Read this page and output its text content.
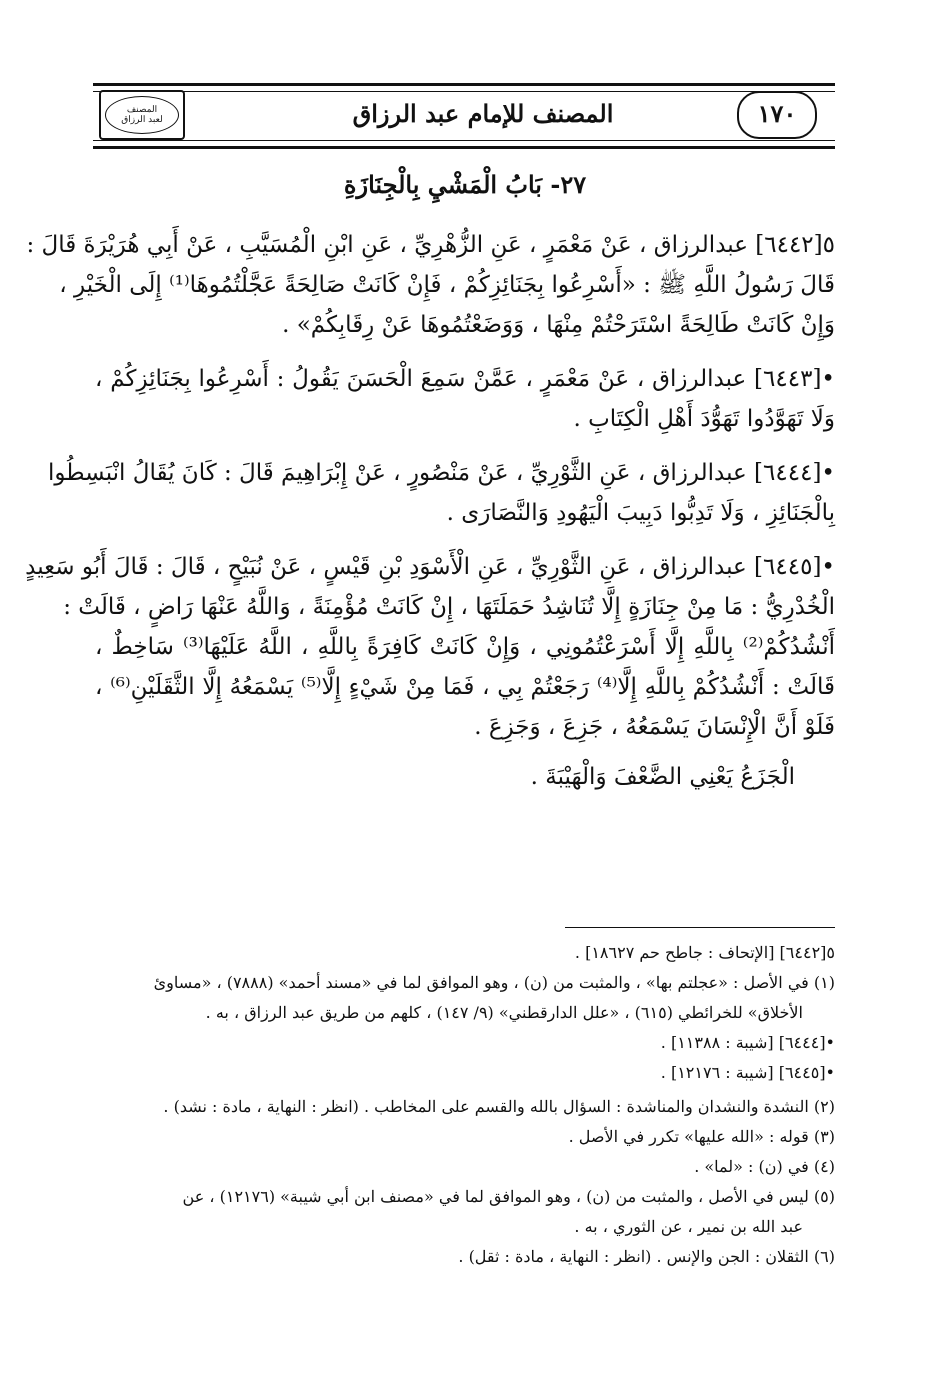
المصنف
لعبد الرزاق	المصنف للإمام عبد الرزاق	١٧٠
٢٧- بَابُ الْمَشْيِ بِالْجِنَازَةِ
٥[٦٤٤٢] عبدالرزاق ، عَنْ مَعْمَرٍ ، عَنِ الزُّهْرِيِّ ، عَنِ ابْنِ الْمُسَيَّبِ ، عَنْ أَبِي هُرَيْرَةَ قَالَ :
قَالَ رَسُولُ اللَّهِ ﷺ : «أَسْرِعُوا بِجَنَائِزِكُمْ ، فَإِنْ كَانَتْ صَالِحَةً عَجَّلْتُمُوهَا⁽¹⁾ إِلَى الْخَيْرِ ،
وَإِنْ كَانَتْ طَالِحَةً اسْتَرَحْتُمْ مِنْهَا ، وَوَضَعْتُمُوهَا عَنْ رِقَابِكُمْ» .
•[٦٤٤٣] عبدالرزاق ، عَنْ مَعْمَرٍ ، عَمَّنْ سَمِعَ الْحَسَنَ يَقُولُ : أَسْرِعُوا بِجَنَائِزِكُمْ ،
وَلَا تَهَوَّدُوا تَهَوُّدَ أَهْلِ الْكِتَابِ .
•[٦٤٤٤] عبدالرزاق ، عَنِ الثَّوْرِيِّ ، عَنْ مَنْصُورٍ ، عَنْ إِبْرَاهِيمَ قَالَ : كَانَ يُقَالُ انْبَسِطُوا
بِالْجَنَائِزِ ، وَلَا تَدِبُّوا دَبِيبَ الْيَهُودِ وَالنَّصَارَى .
•[٦٤٤٥] عبدالرزاق ، عَنِ الثَّوْرِيِّ ، عَنِ الْأَسْوَدِ بْنِ قَيْسٍ ، عَنْ نُبَيْحٍ ، قَالَ : قَالَ أَبُو سَعِيدٍ
الْخُدْرِيُّ : مَا مِنْ جِنَازَةٍ إِلَّا تُنَاشِدُ حَمَلَتَهَا ، إِنْ كَانَتْ مُؤْمِنَةً ، وَاللَّهُ عَنْهَا رَاضٍ ، قَالَتْ :
أَنْشُدُكُمْ⁽²⁾ بِاللَّهِ إِلَّا أَسْرَعْتُمُونِي ، وَإِنْ كَانَتْ كَافِرَةً بِاللَّهِ ، اللَّهُ عَلَيْهَا⁽³⁾ سَاخِطٌ ،
قَالَتْ : أَنْشُدُكُمْ بِاللَّهِ إِلَّا⁽⁴⁾ رَجَعْتُمْ بِي ، فَمَا مِنْ شَيْءٍ إِلَّا⁽⁵⁾ يَسْمَعُهُ إِلَّا الثَّقَلَيْنِ⁽⁶⁾ ،
فَلَوْ أَنَّ الْإِنْسَانَ يَسْمَعُهُ ، جَزِعَ ، وَجَزِعَ .
الْجَزَعُ يَعْنِي الضَّعْفَ وَالْهَيْبَةَ .
٥[٦٤٤٢] [الإتحاف : جاطح حم ١٨٦٢٧] .
(١) في الأصل : «عجلتم بها» ، والمثبت من (ن) ، وهو الموافق لما في «مسند أحمد» (٧٨٨٨) ، «مساوئ
الأخلاق» للخرائطي (٦١٥) ، «علل الدارقطني» (٩/ ١٤٧) ، كلهم من طريق عبد الرزاق ، به .
•[٦٤٤٤] [شيبة : ١١٣٨٨] .
•[٦٤٤٥] [شيبة : ١٢١٧٦] .
(٢) النشدة والنشدان والمناشدة : السؤال بالله والقسم على المخاطب . (انظر : النهاية ، مادة : نشد) .
(٣) قوله : «الله عليها» تكرر في الأصل .
(٤) في (ن) : «لما» .
(٥) ليس في الأصل ، والمثبت من (ن) ، وهو الموافق لما في «مصنف ابن أبي شيبة» (١٢١٧٦) ، عن
عبد الله بن نمير ، عن الثوري ، به .
(٦) الثقلان : الجن والإنس . (انظر : النهاية ، مادة : ثقل) .
